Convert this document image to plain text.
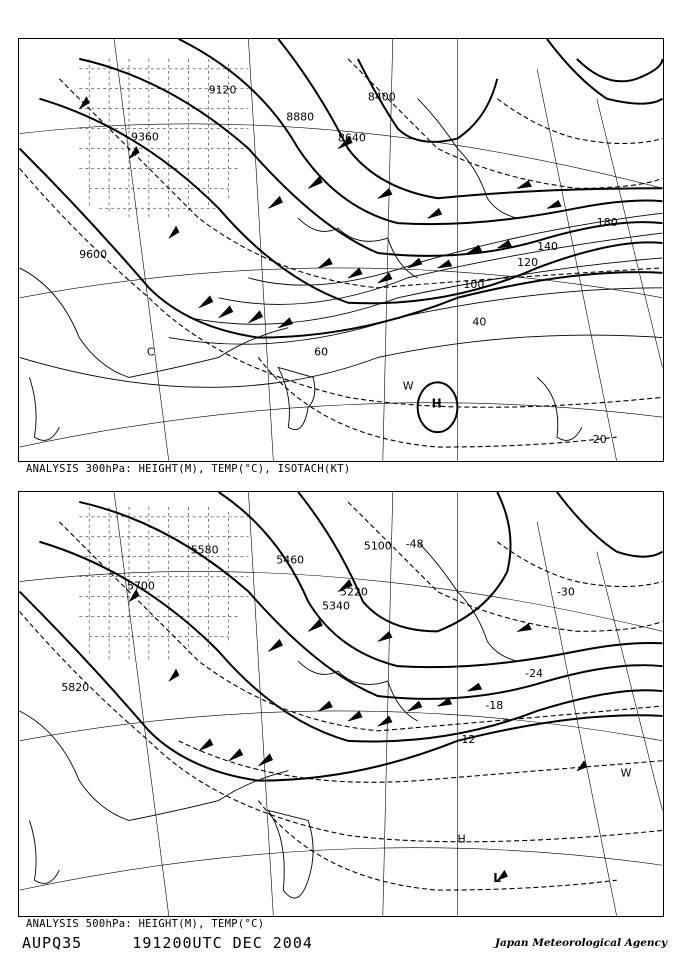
9120
9360
9600
8880
8640
8400
40
60
100
120
140
180
20
H
W
C
ANALYSIS 300hPa: HEIGHT(M), TEMP(°C), ISOTACH(KT)
5580
5700
5820
5460
5340
5220
5100 -48
-30
-24
-18
-12
L
H
W
ANALYSIS 500hPa: HEIGHT(M), TEMP(°C)
AUPQ35	191200UTC DEC 2004	Japan Meteorological Agency
